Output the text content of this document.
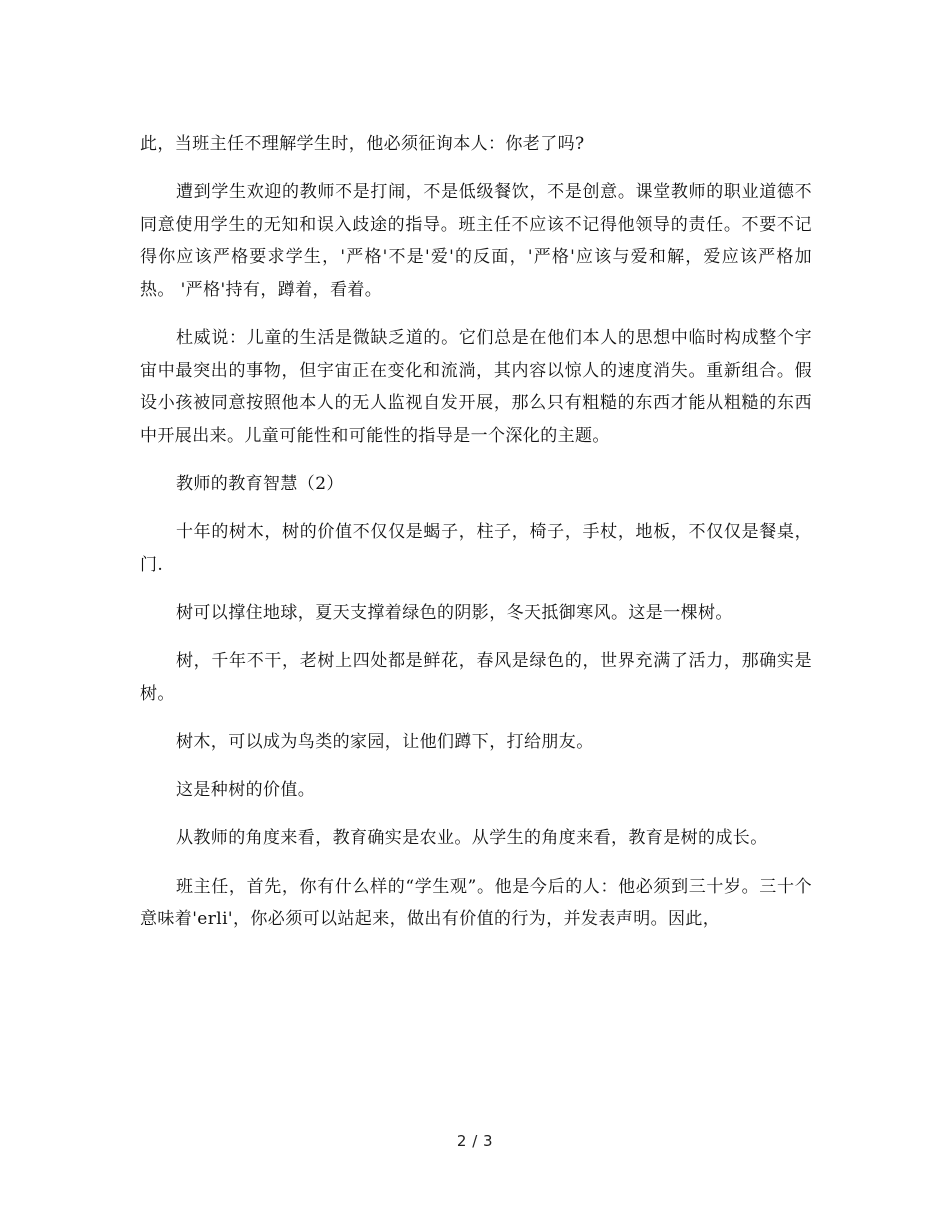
此，当班主任不理解学生时，他必须征询本人：你老了吗?

遭到学生欢迎的教师不是打闹，不是低级餐饮，不是创意。课堂教师的职业道德不同意使用学生的无知和误入歧途的指导。班主任不应该不记得他领导的责任。不要不记得你应该严格要求学生，'严格'不是'爱'的反面，'严格'应该与爱和解，爱应该严格加热。 '严格'持有，蹲着，看着。

杜威说：儿童的生活是微缺乏道的。它们总是在他们本人的思想中临时构成整个宇宙中最突出的事物，但宇宙正在变化和流淌，其内容以惊人的速度消失。重新组合。假设小孩被同意按照他本人的无人监视自发开展，那么只有粗糙的东西才能从粗糙的东西中开展出来。儿童可能性和可能性的指导是一个深化的主题。

教师的教育智慧（2）

十年的树木，树的价值不仅仅是蝎子，柱子，椅子，手杖，地板，不仅仅是餐桌，门.

树可以撑住地球，夏天支撑着绿色的阴影，冬天抵御寒风。这是一棵树。

树，千年不干，老树上四处都是鲜花，春风是绿色的，世界充满了活力，那确实是树。

树木，可以成为鸟类的家园，让他们蹲下，打给朋友。

这是种树的价值。

从教师的角度来看，教育确实是农业。从学生的角度来看，教育是树的成长。

班主任，首先，你有什么样的“学生观”。他是今后的人：他必须到三十岁。三十个意味着'erli'，你必须可以站起来，做出有价值的行为，并发表声明。因此，

2 / 3
